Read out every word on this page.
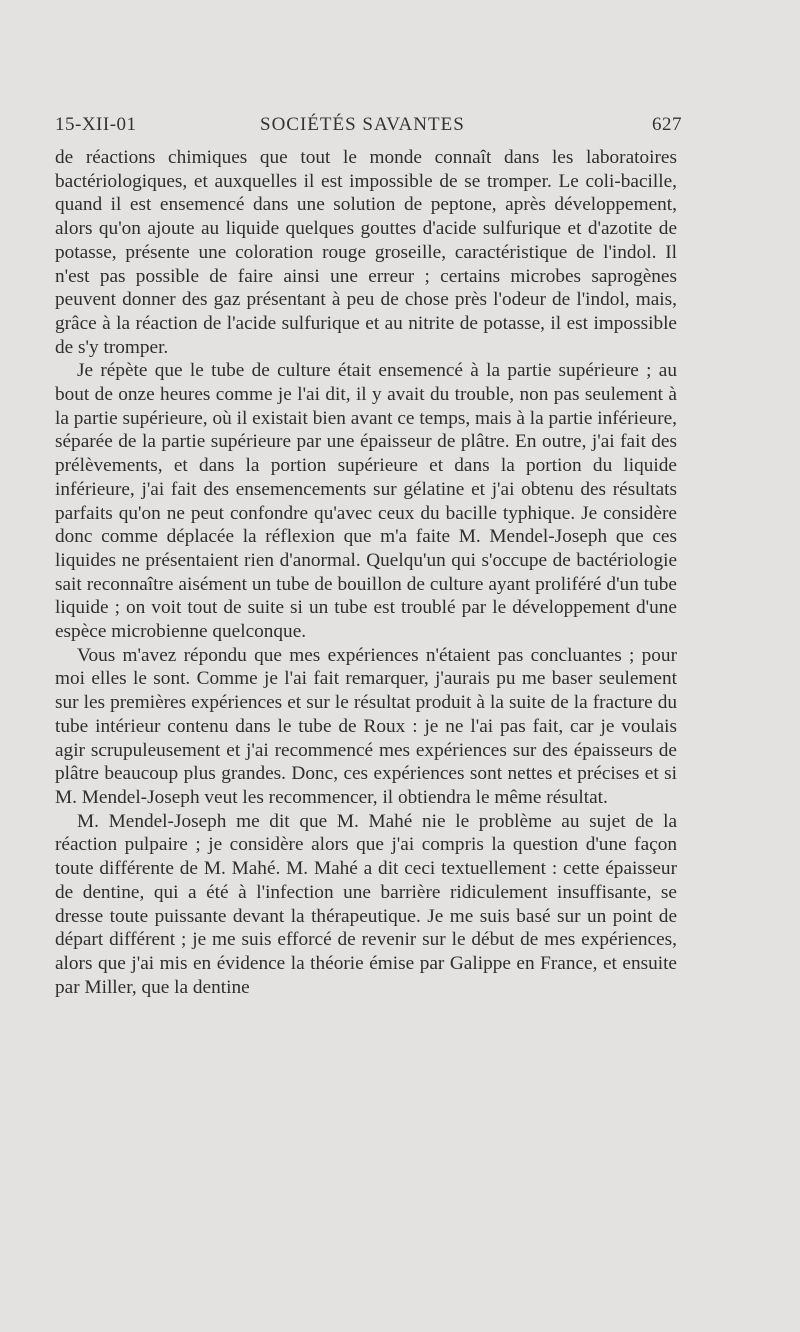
15-XII-01	SOCIÉTÉS SAVANTES	627

de réactions chimiques que tout le monde connaît dans les laboratoires bactériologiques, et auxquelles il est impossible de se tromper. Le coli-bacille, quand il est ensemencé dans une solution de peptone, après développement, alors qu'on ajoute au liquide quelques gouttes d'acide sulfurique et d'azotite de potasse, présente une coloration rouge groseille, caractéristique de l'indol. Il n'est pas possible de faire ainsi une erreur ; certains microbes saprogènes peuvent donner des gaz présentant à peu de chose près l'odeur de l'indol, mais, grâce à la réaction de l'acide sulfurique et au nitrite de potasse, il est impossible de s'y tromper.

Je répète que le tube de culture était ensemencé à la partie supérieure ; au bout de onze heures comme je l'ai dit, il y avait du trouble, non pas seulement à la partie supérieure, où il existait bien avant ce temps, mais à la partie inférieure, séparée de la partie supérieure par une épaisseur de plâtre. En outre, j'ai fait des prélèvements, et dans la portion supérieure et dans la portion du liquide inférieure, j'ai fait des ensemencements sur gélatine et j'ai obtenu des résultats parfaits qu'on ne peut confondre qu'avec ceux du bacille typhique. Je considère donc comme déplacée la réflexion que m'a faite M. Mendel-Joseph que ces liquides ne présentaient rien d'anormal. Quelqu'un qui s'occupe de bactériologie sait reconnaître aisément un tube de bouillon de culture ayant proliféré d'un tube liquide ; on voit tout de suite si un tube est troublé par le développement d'une espèce microbienne quelconque.

Vous m'avez répondu que mes expériences n'étaient pas concluantes ; pour moi elles le sont. Comme je l'ai fait remarquer, j'aurais pu me baser seulement sur les premières expériences et sur le résultat produit à la suite de la fracture du tube intérieur contenu dans le tube de Roux : je ne l'ai pas fait, car je voulais agir scrupuleusement et j'ai recommencé mes expériences sur des épaisseurs de plâtre beaucoup plus grandes. Donc, ces expériences sont nettes et précises et si M. Mendel-Joseph veut les recommencer, il obtiendra le même résultat.

M. Mendel-Joseph me dit que M. Mahé nie le problème au sujet de la réaction pulpaire ; je considère alors que j'ai compris la question d'une façon toute différente de M. Mahé. M. Mahé a dit ceci textuellement : cette épaisseur de dentine, qui a été à l'infection une barrière ridiculement insuffisante, se dresse toute puissante devant la thérapeutique. Je me suis basé sur un point de départ différent ; je me suis efforcé de revenir sur le début de mes expériences, alors que j'ai mis en évidence la théorie émise par Galippe en France, et ensuite par Miller, que la dentine
